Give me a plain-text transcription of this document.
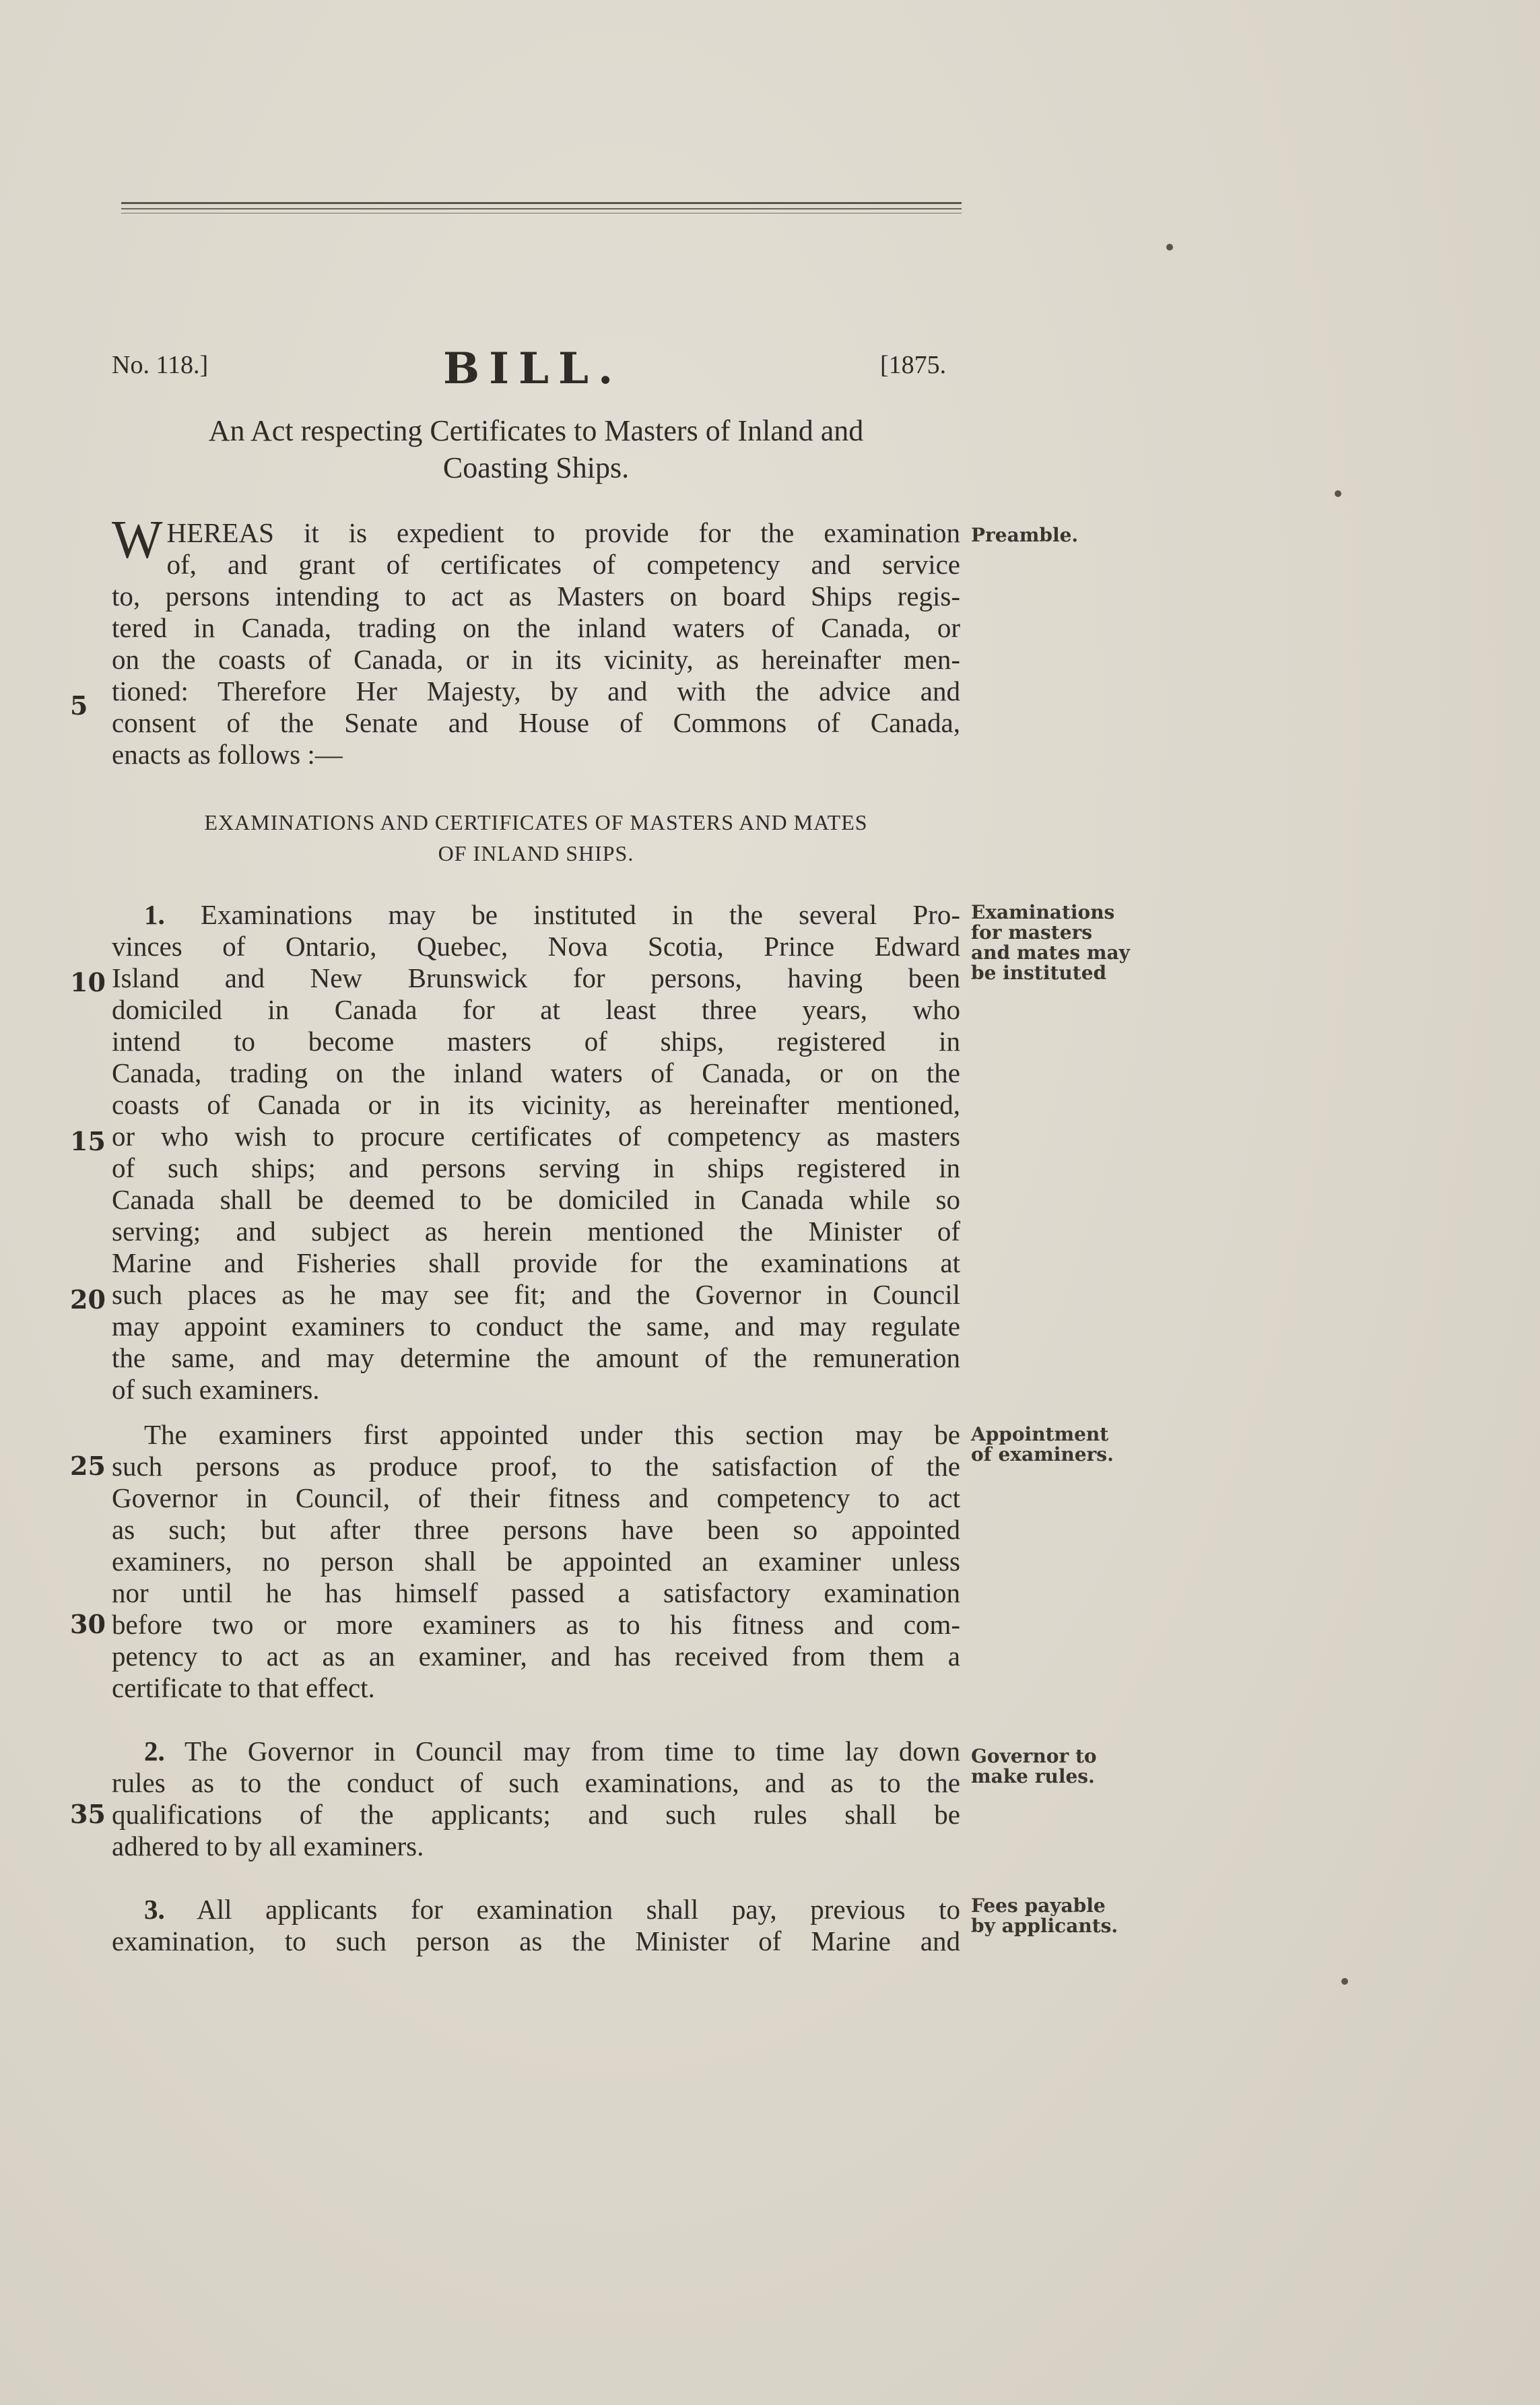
No. 118.]	BILL.	[1875.
An Act respecting Certificates to Masters of Inland and
Coasting Ships.
W HEREAS it is expedient to provide for the examination
of, and grant of certificates of competency and service
to, persons intending to act as Masters on board Ships regis-
tered in Canada, trading on the inland waters of Canada, or
on the coasts of Canada, or in its vicinity, as hereinafter men-
tioned: Therefore Her Majesty, by and with the advice and
consent of the Senate and House of Commons of Canada,
enacts as follows :—
EXAMINATIONS AND CERTIFICATES OF MASTERS AND MATES
OF INLAND SHIPS.
1. Examinations may be instituted in the several Pro-
vinces of Ontario, Quebec, Nova Scotia, Prince Edward
Island and New Brunswick for persons, having been
domiciled in Canada for at least three years, who
intend to become masters of ships, registered in
Canada, trading on the inland waters of Canada, or on the
coasts of Canada or in its vicinity, as hereinafter mentioned,
or who wish to procure certificates of competency as masters
of such ships; and persons serving in ships registered in
Canada shall be deemed to be domiciled in Canada while so
serving; and subject as herein mentioned the Minister of
Marine and Fisheries shall provide for the examinations at
such places as he may see fit; and the Governor in Council
may appoint examiners to conduct the same, and may regulate
the same, and may determine the amount of the remuneration
of such examiners.
The examiners first appointed under this section may be
such persons as produce proof, to the satisfaction of the
Governor in Council, of their fitness and competency to act
as such; but after three persons have been so appointed
examiners, no person shall be appointed an examiner unless
nor until he has himself passed a satisfactory examination
before two or more examiners as to his fitness and com-
petency to act as an examiner, and has received from them a
certificate to that effect.
2. The Governor in Council may from time to time lay down
rules as to the conduct of such examinations, and as to the
qualifications of the applicants; and such rules shall be
adhered to by all examiners.
3. All applicants for examination shall pay, previous to
examination, to such person as the Minister of Marine and
5
10
15
20
25
30
35
Preamble.
Examinations
for masters
and mates may
be instituted
Appointment
of examiners.
Governor to
make rules.
Fees payable
by applicants.
